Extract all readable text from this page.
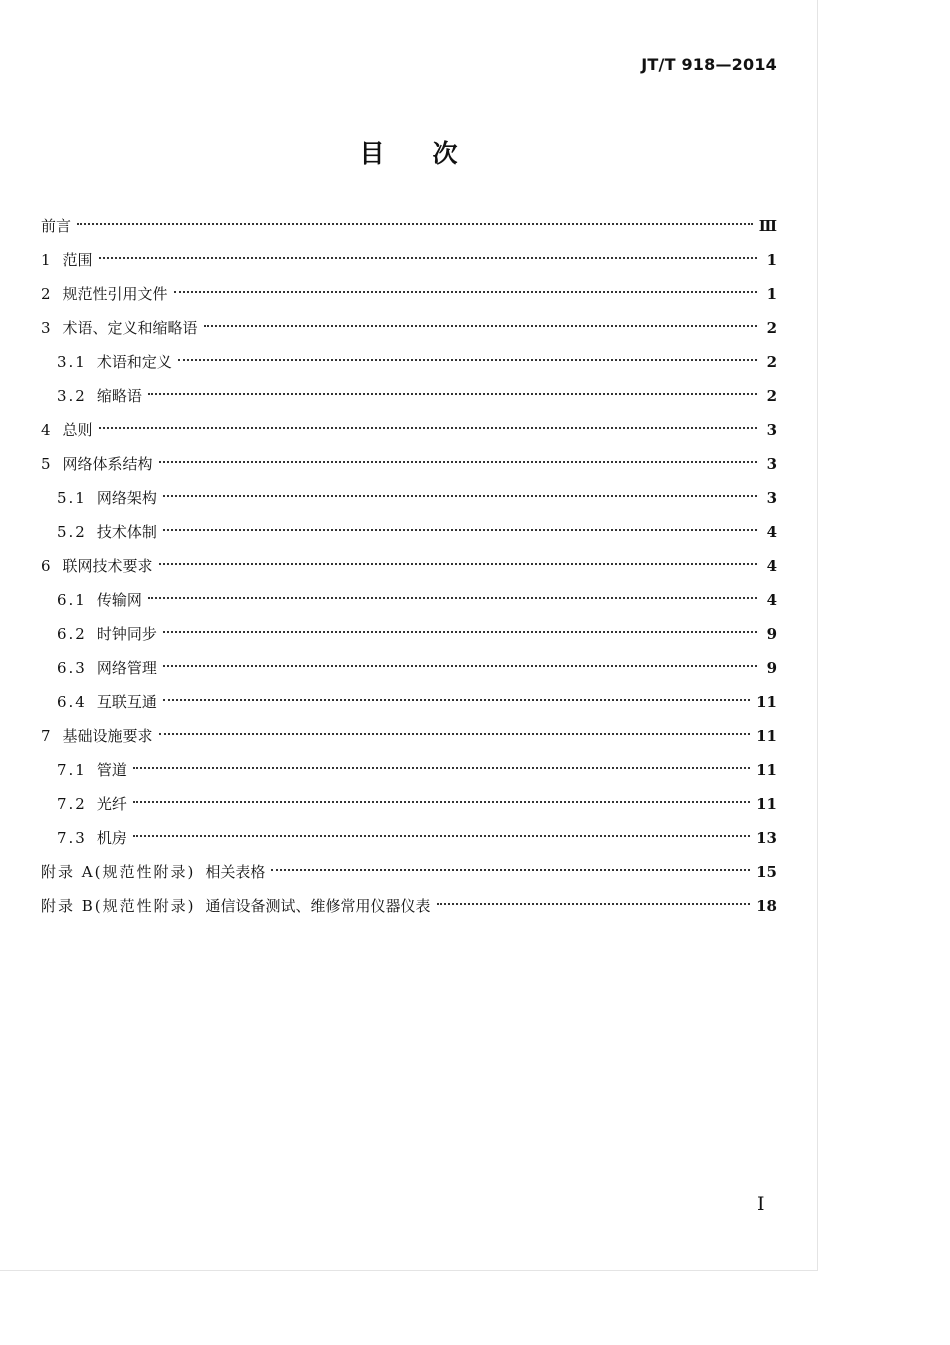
JT/T 918—2014
目次
前言	Ⅲ
1 范围	1
2 规范性引用文件	1
3 术语、定义和缩略语	2
3.1 术语和定义	2
3.2 缩略语	2
4 总则	3
5 网络体系结构	3
5.1 网络架构	3
5.2 技术体制	4
6 联网技术要求	4
6.1 传输网	4
6.2 时钟同步	9
6.3 网络管理	9
6.4 互联互通	11
7 基础设施要求	11
7.1 管道	11
7.2 光纤	11
7.3 机房	13
附录 A(规范性附录) 相关表格	15
附录 B(规范性附录) 通信设备测试、维修常用仪器仪表	18
I
